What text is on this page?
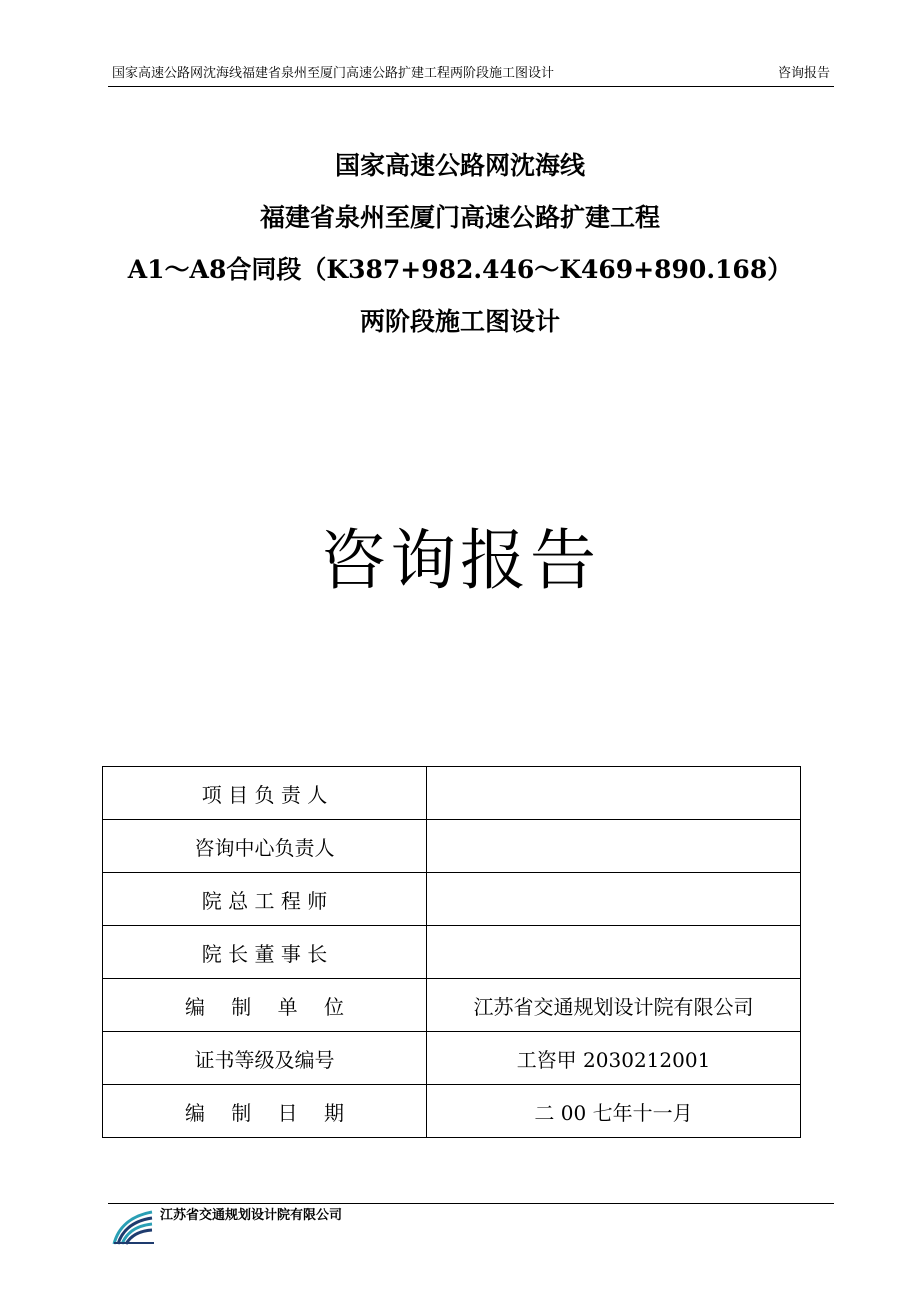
国家高速公路网沈海线福建省泉州至厦门高速公路扩建工程两阶段施工图设计	咨询报告
国家高速公路网沈海线
福建省泉州至厦门高速公路扩建工程
A1～A8合同段（K387+982.446～K469+890.168）
两阶段施工图设计
咨询报告
项 目 负 责 人	
咨询中心负责人	
院 总 工 程 师	
院 长 董 事 长	
编　 制　 单　 位	江苏省交通规划设计院有限公司
证书等级及编号	工咨甲 2030212001
编　 制　 日　 期	二 00 七年十一月
江苏省交通规划设计院有限公司
